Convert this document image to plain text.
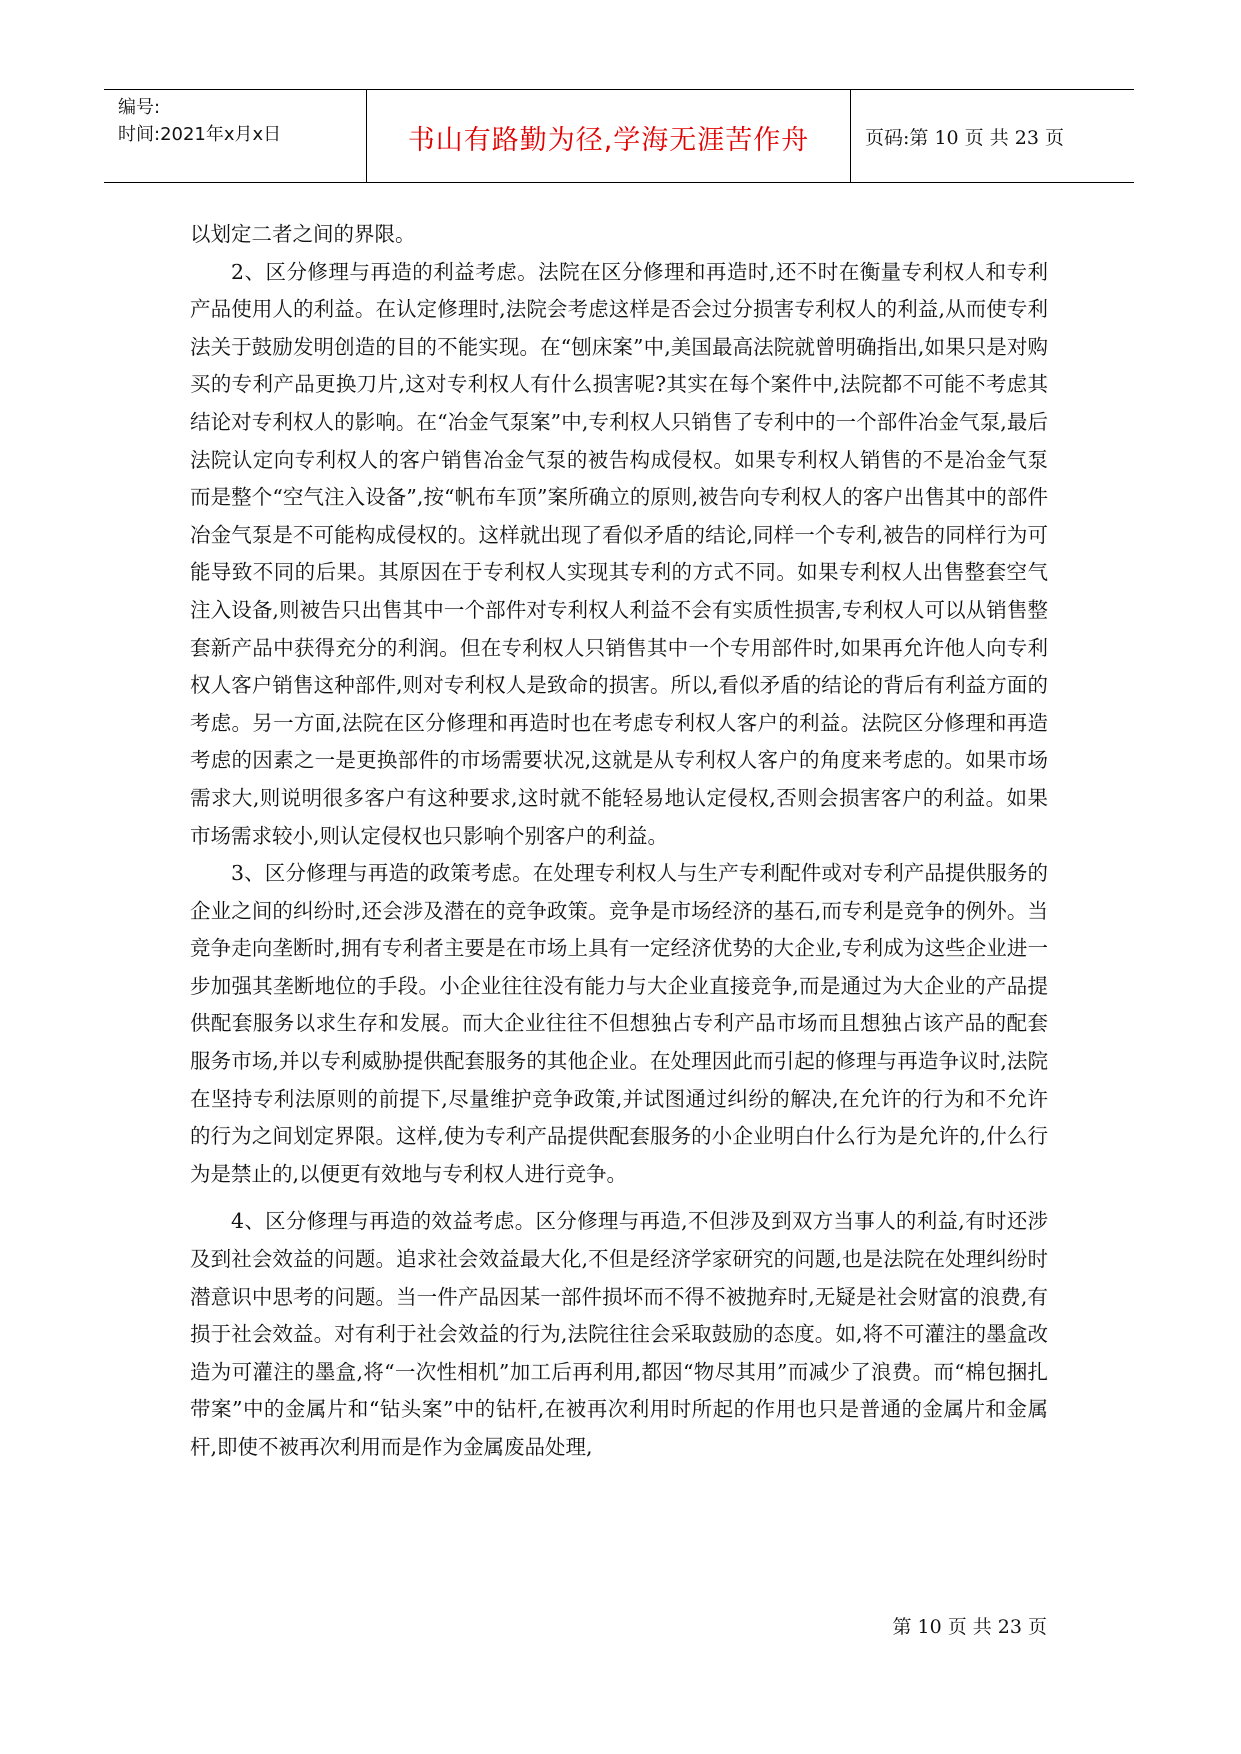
编号:
时间:2021年x月x日	书山有路勤为径,学海无涯苦作舟	页码:第 10 页 共 23 页

以划定二者之间的界限。

2、区分修理与再造的利益考虑。法院在区分修理和再造时,还不时在衡量专利权人和专利产品使用人的利益。在认定修理时,法院会考虑这样是否会过分损害专利权人的利益,从而使专利法关于鼓励发明创造的目的不能实现。在“刨床案”中,美国最高法院就曾明确指出,如果只是对购买的专利产品更换刀片,这对专利权人有什么损害呢?其实在每个案件中,法院都不可能不考虑其结论对专利权人的影响。在“冶金气泵案”中,专利权人只销售了专利中的一个部件冶金气泵,最后法院认定向专利权人的客户销售冶金气泵的被告构成侵权。如果专利权人销售的不是冶金气泵而是整个“空气注入设备”,按“帆布车顶”案所确立的原则,被告向专利权人的客户出售其中的部件冶金气泵是不可能构成侵权的。这样就出现了看似矛盾的结论,同样一个专利,被告的同样行为可能导致不同的后果。其原因在于专利权人实现其专利的方式不同。如果专利权人出售整套空气注入设备,则被告只出售其中一个部件对专利权人利益不会有实质性损害,专利权人可以从销售整套新产品中获得充分的利润。但在专利权人只销售其中一个专用部件时,如果再允许他人向专利权人客户销售这种部件,则对专利权人是致命的损害。所以,看似矛盾的结论的背后有利益方面的考虑。另一方面,法院在区分修理和再造时也在考虑专利权人客户的利益。法院区分修理和再造考虑的因素之一是更换部件的市场需要状况,这就是从专利权人客户的角度来考虑的。如果市场需求大,则说明很多客户有这种要求,这时就不能轻易地认定侵权,否则会损害客户的利益。如果市场需求较小,则认定侵权也只影响个别客户的利益。

3、区分修理与再造的政策考虑。在处理专利权人与生产专利配件或对专利产品提供服务的企业之间的纠纷时,还会涉及潜在的竞争政策。竞争是市场经济的基石,而专利是竞争的例外。当竞争走向垄断时,拥有专利者主要是在市场上具有一定经济优势的大企业,专利成为这些企业进一步加强其垄断地位的手段。小企业往往没有能力与大企业直接竞争,而是通过为大企业的产品提供配套服务以求生存和发展。而大企业往往不但想独占专利产品市场而且想独占该产品的配套服务市场,并以专利威胁提供配套服务的其他企业。在处理因此而引起的修理与再造争议时,法院在坚持专利法原则的前提下,尽量维护竞争政策,并试图通过纠纷的解决,在允许的行为和不允许的行为之间划定界限。这样,使为专利产品提供配套服务的小企业明白什么行为是允许的,什么行为是禁止的,以便更有效地与专利权人进行竞争。

4、区分修理与再造的效益考虑。区分修理与再造,不但涉及到双方当事人的利益,有时还涉及到社会效益的问题。追求社会效益最大化,不但是经济学家研究的问题,也是法院在处理纠纷时潜意识中思考的问题。当一件产品因某一部件损坏而不得不被抛弃时,无疑是社会财富的浪费,有损于社会效益。对有利于社会效益的行为,法院往往会采取鼓励的态度。如,将不可灌注的墨盒改造为可灌注的墨盒,将“一次性相机”加工后再利用,都因“物尽其用”而减少了浪费。而“棉包捆扎带案”中的金属片和“钻头案”中的钻杆,在被再次利用时所起的作用也只是普通的金属片和金属杆,即使不被再次利用而是作为金属废品处理,

第 10 页 共 23 页
